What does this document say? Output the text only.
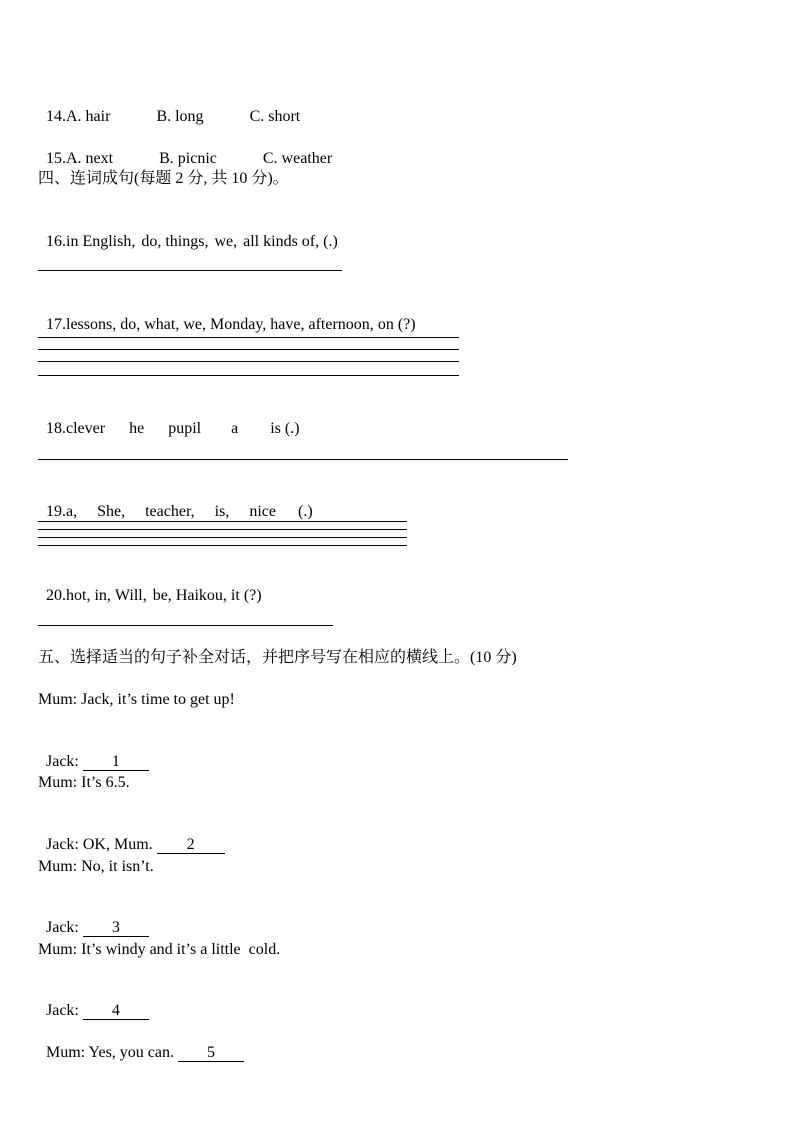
14.A. hair	B. long	C. short

15.A. next	B. picnic	C. weather

四、连词成句(每题 2 分, 共 10 分)。

16.in English, do, things, we, all kinds of, (.)

17.lessons, do, what, we, Monday, have, afternoon, on (?)

18.clever he pupil a is (.)

19.a, She, teacher, is, nice (.)

20.hot, in, Will, be, Haikou, it (?)

五、选择适当的句子补全对话，并把序号写在相应的横线上。(10 分)
Mum: Jack, it’s time to get up!

Jack: 1

Mum: It’s 6.5.

Jack: OK, Mum. 2

Mum: No, it isn’t.

Jack: 3

Mum: It’s windy and it’s a little  cold.

Jack: 4

Mum: Yes, you can. 5
